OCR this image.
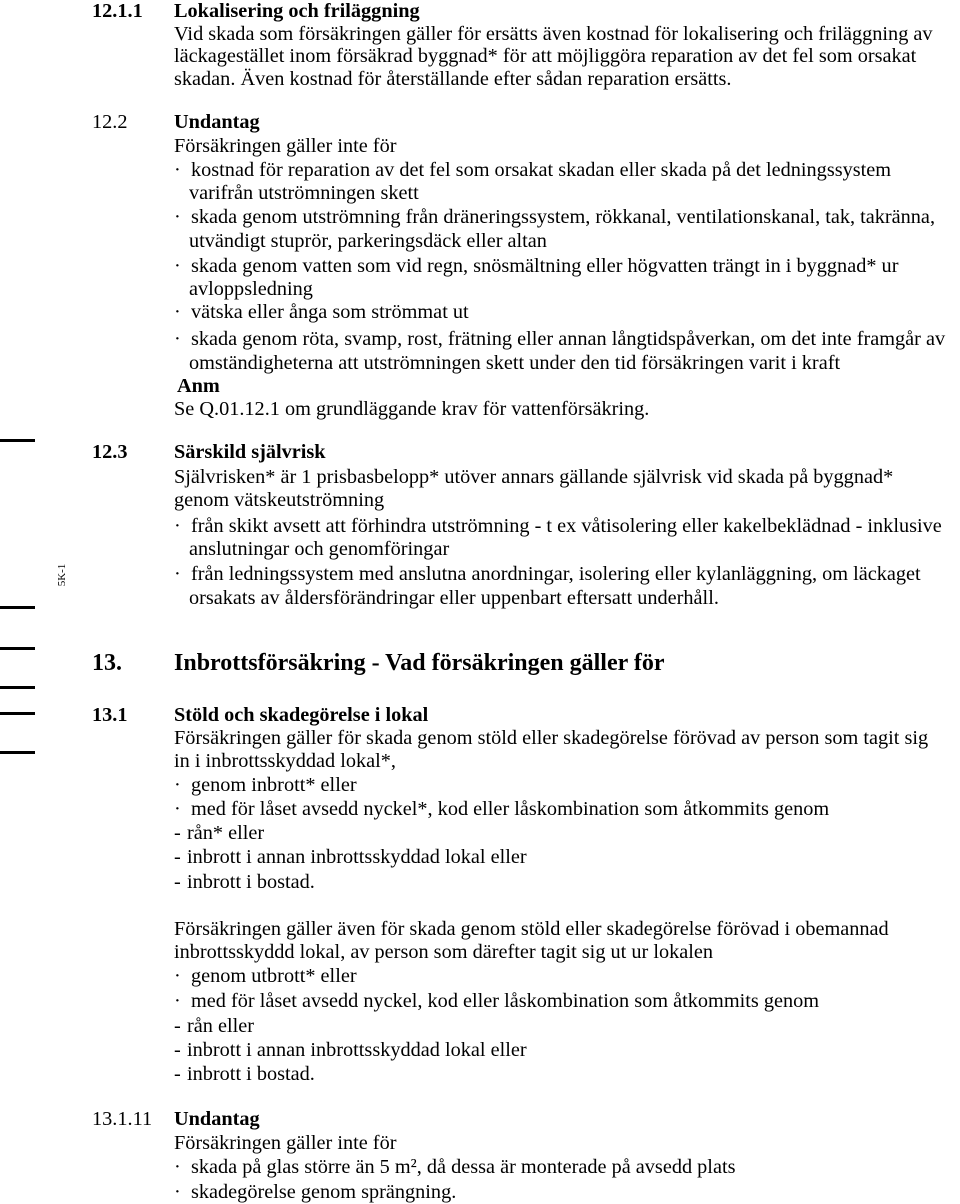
5K-1
12.1.1 Lokalisering och friläggning
Vid skada som försäkringen gäller för ersätts även kostnad för lokalisering och friläggning av
läckagestället inom försäkrad byggnad* för att möjliggöra reparation av det fel som orsakat
skadan. Även kostnad för återställande efter sådan reparation ersätts.
12.2 Undantag
Försäkringen gäller inte för
· kostnad för reparation av det fel som orsakat skadan eller skada på det ledningssystem
varifrån utströmningen skett
· skada genom utströmning från dräneringssystem, rökkanal, ventilationskanal, tak, takränna,
utvändigt stuprör, parkeringsdäck eller altan
· skada genom vatten som vid regn, snösmältning eller högvatten trängt in i byggnad* ur
avloppsledning
· vätska eller ånga som strömmat ut
· skada genom röta, svamp, rost, frätning eller annan långtidspåverkan, om det inte framgår av
omständigheterna att utströmningen skett under den tid försäkringen varit i kraft
Anm
Se Q.01.12.1 om grundläggande krav för vattenförsäkring.
12.3 Särskild självrisk
Självrisken* är 1 prisbasbelopp* utöver annars gällande självrisk vid skada på byggnad*
genom vätskeutströmning
· från skikt avsett att förhindra utströmning - t ex våtisolering eller kakelbeklädnad - inklusive
anslutningar och genomföringar
· från ledningssystem med anslutna anordningar, isolering eller kylanläggning, om läckaget
orsakats av åldersförändringar eller uppenbart eftersatt underhåll.
13. Inbrottsförsäkring - Vad försäkringen gäller för
13.1 Stöld och skadegörelse i lokal
Försäkringen gäller för skada genom stöld eller skadegörelse förövad av person som tagit sig
in i inbrottsskyddad lokal*,
· genom inbrott* eller
· med för låset avsedd nyckel*, kod eller låskombination som åtkommits genom
- rån* eller
- inbrott i annan inbrottsskyddad lokal eller
- inbrott i bostad.
Försäkringen gäller även för skada genom stöld eller skadegörelse förövad i obemannad
inbrottsskyddd lokal, av person som därefter tagit sig ut ur lokalen
· genom utbrott* eller
· med för låset avsedd nyckel, kod eller låskombination som åtkommits genom
- rån eller
- inbrott i annan inbrottsskyddad lokal eller
- inbrott i bostad.
13.1.11 Undantag
Försäkringen gäller inte för
· skada på glas större än 5 m², då dessa är monterade på avsedd plats
· skadegörelse genom sprängning.
